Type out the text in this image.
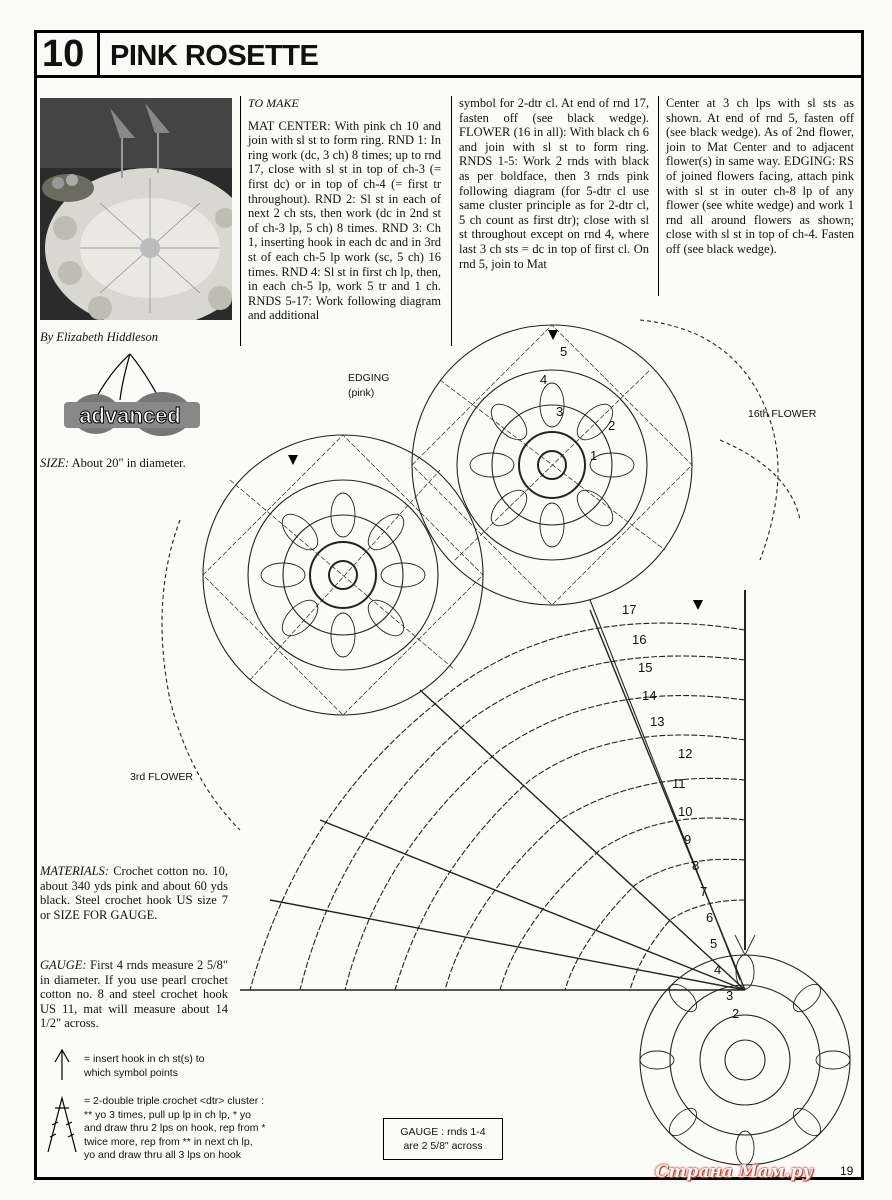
10 PINK ROSETTE
By Elizabeth Hiddleson
advanced
SIZE: About 20" in diameter.

TO MAKE

MAT CENTER: With pink ch 10 and join with sl st to form ring. RND 1: In ring work (dc, 3 ch) 8 times; up to rnd 17, close with sl st in top of ch-3 (= first dc) or in top of ch-4 (= first tr throughout). RND 2: Sl st in each of next 2 ch sts, then work (dc in 2nd st of ch-3 lp, 5 ch) 8 times. RND 3: Ch 1, inserting hook in each dc and in 3rd st of each ch-5 lp work (sc, 5 ch) 16 times. RND 4: Sl st in first ch lp, then, in each ch-5 lp, work 5 tr and 1 ch. RNDS 5-17: Work following diagram and additional

symbol for 2-dtr cl. At end of rnd 17, fasten off (see black wedge). FLOWER (16 in all): With black ch 6 and join with sl st to form ring. RNDS 1-5: Work 2 rnds with black as per boldface, then 3 rnds pink following diagram (for 5-dtr cl use same cluster principle as for 2-dtr cl, 5 ch count as first dtr); close with sl st throughout except on rnd 4, where last 3 ch sts = dc in top of first cl. On rnd 5, join to Mat

Center at 3 ch lps with sl sts as shown. At end of rnd 5, fasten off (see black wedge). As of 2nd flower, join to Mat Center and to adjacent flower(s) in same way. EDGING: RS of joined flowers facing, attach pink with sl st in outer ch-8 lp of any flower (see white wedge) and work 1 rnd all around flowers as shown; close with sl st in top of ch-4. Fasten off (see black wedge).

EDGING
(pink)
16th FLOWER
3rd FLOWER
17
16
15
14
13
12
11
10
9
8
7
6
5
4
3
2
1
2
3
4
5
MATERIALS: Crochet cotton no. 10, about 340 yds pink and about 60 yds black. Steel crochet hook US size 7 or SIZE FOR GAUGE.
GAUGE: First 4 rnds measure 2 5/8" in diameter. If you use pearl crochet cotton no. 8 and steel crochet hook US 11, mat will measure about 14 1/2" across.
= insert hook in ch st(s) to which symbol points
= 2-double triple crochet <dtr> cluster :
** yo 3 times, pull up lp in ch lp, * yo
and draw thru 2 lps on hook, rep from *
twice more, rep from ** in next ch lp,
yo and draw thru all 3 lps on hook
GAUGE : rnds 1-4
are 2 5/8" across
Страна Мам.ру 19
